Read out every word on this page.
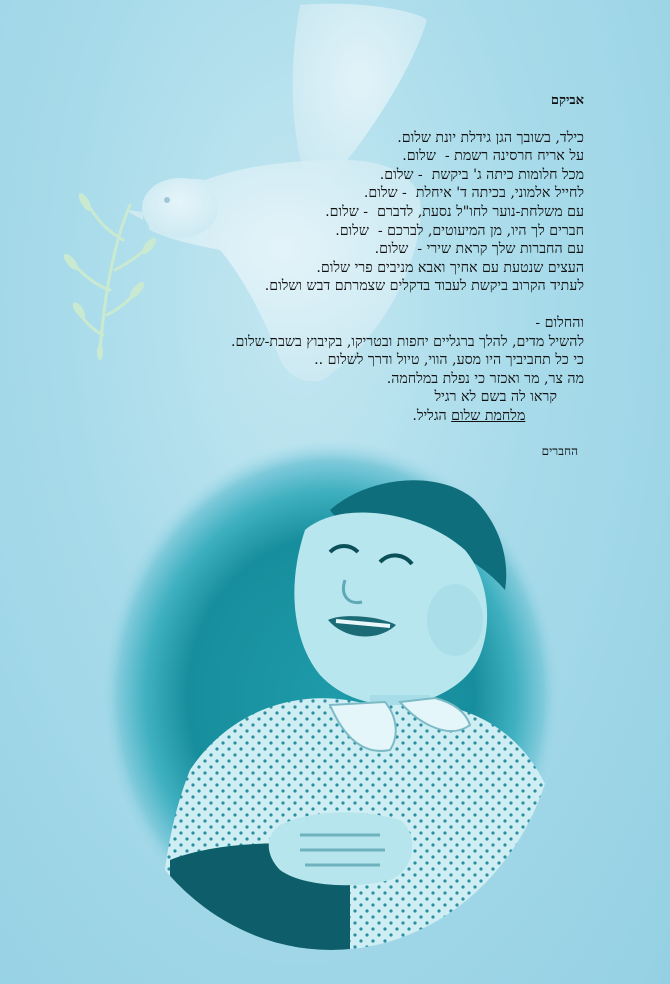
אביקם
כילד, בשובך הגן גידלת יונת שלום.
על אריח חרסינה רשמת -  שלום.
מכל חלומות כיתה ג' ביקשת  - שלום.
לחייל אלמוני, בכיתה ד' איחלת  - שלום.
עם משלחת-נוער לחו"ל נסעת, לדברם  - שלום.
חברים לך היו, מן המיעוטים, לברכם -  שלום.
עם החברות שלך קראת שירי -  שלום.
העצים שנטעת עם אחיך ואבא מניבים פרי שלום.
לעתיד הקרוב ביקשת לעבוד בדקלים שצמרתם דבש ושלום.
והחלום -
להשיל מדים, להלך ברגליים יחפות ובטריקו, בקיבוץ בשבת-שלום.
כי כל תחביביך היו מסע, הווי, טיול ודרך לשלום ..
מה צר, מר ואכזר כי נפלת במלחמה.
קראו לה בשם לא רגיל
מלחמת שלום הגליל.
החברים
